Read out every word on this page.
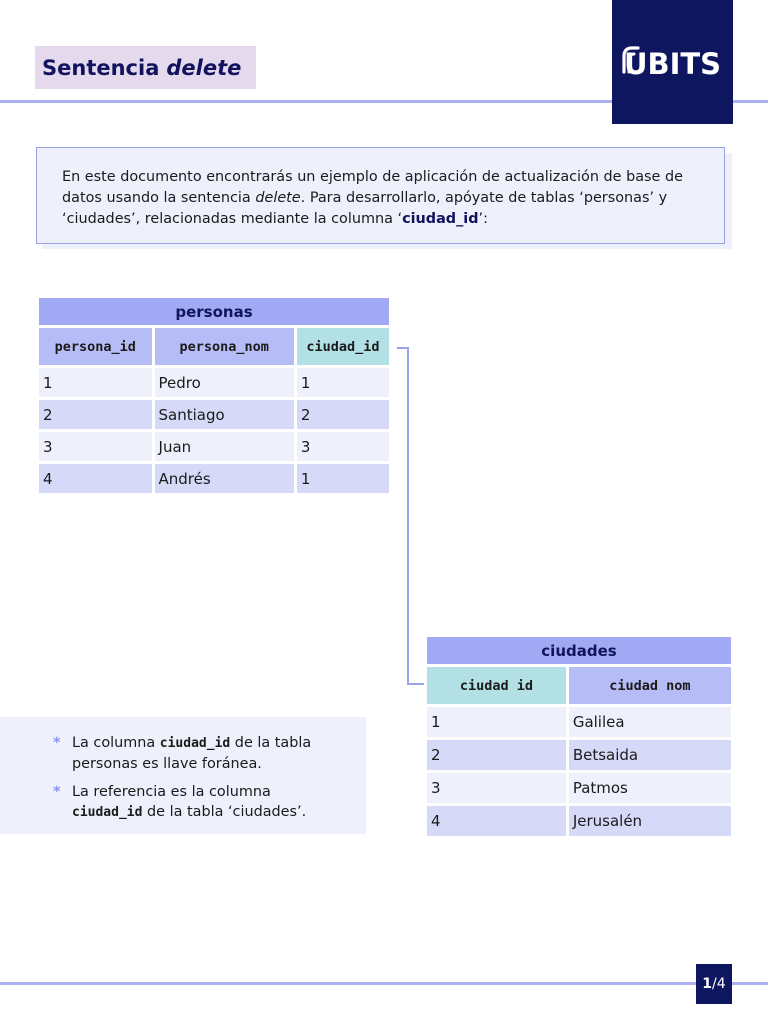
Sentencia delete	UBITS
En este documento encontrarás un ejemplo de aplicación de actualización de base de datos usando la sentencia delete. Para desarrollarlo, apóyate de tablas ‘personas’ y ‘ciudades’, relacionadas mediante la columna ‘ciudad_id’:
personas		
persona_id	persona_nom	ciudad_id
1	Pedro	1
2	Santiago	2
3	Juan	3
4	Andrés	1
ciudades	
ciudad id	ciudad nom
1	Galilea
2	Betsaida
3	Patmos
4	Jerusalén
* La columna ciudad_id de la tabla personas es llave foránea.
* La referencia es la columna ciudad_id de la tabla ‘ciudades’.
1 / 4
